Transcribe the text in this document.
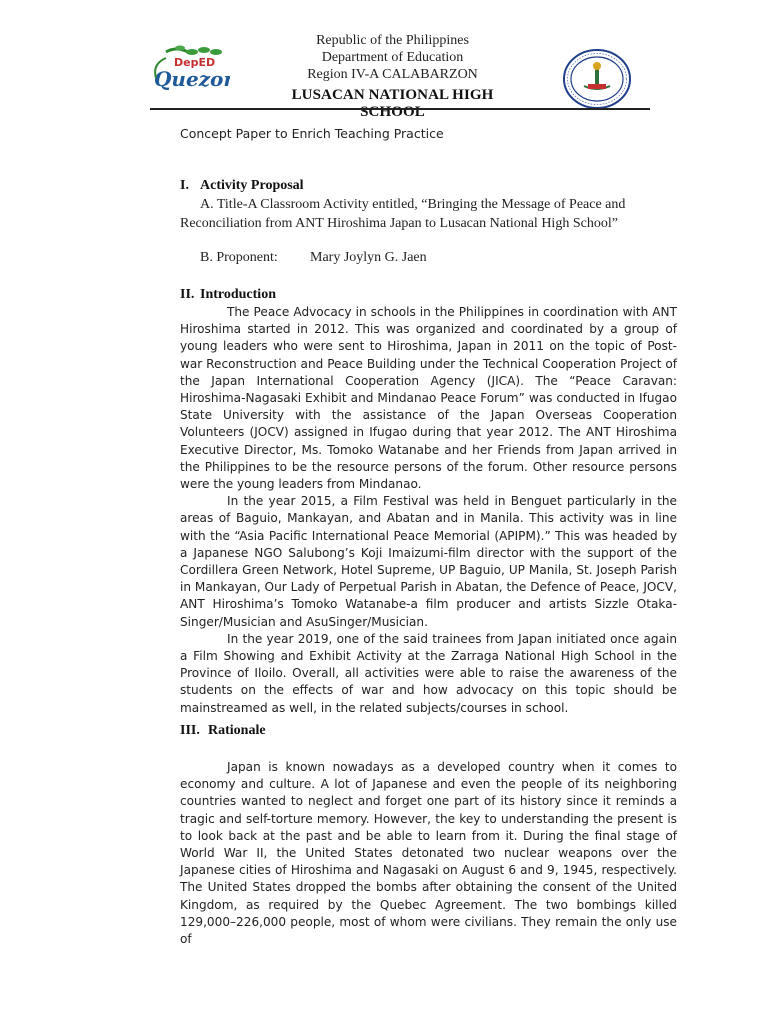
DepED
Quezon
Republic of the Philippines
Department of Education
Region IV-A CALABARZON
LUSACAN NATIONAL HIGH SCHOOL
Concept Paper to Enrich Teaching Practice
I. Activity Proposal
A. Title-A Classroom Activity entitled, “Bringing the Message of Peace and
Reconciliation from ANT Hiroshima Japan to Lusacan National High School”
B. Proponent: Mary Joylyn G. Jaen
II. Introduction

The Peace Advocacy in schools in the Philippines in coordination with ANT Hiroshima started in 2012. This was organized and coordinated by a group of young leaders who were sent to Hiroshima, Japan in 2011 on the topic of Post-war Reconstruction and Peace Building under the Technical Cooperation Project of the Japan International Cooperation Agency (JICA). The “Peace Caravan: Hiroshima-Nagasaki Exhibit and Mindanao Peace Forum” was conducted in Ifugao State University with the assistance of the Japan Overseas Cooperation Volunteers (JOCV) assigned in Ifugao during that year 2012. The ANT Hiroshima Executive Director, Ms. Tomoko Watanabe and her Friends from Japan arrived in the Philippines to be the resource persons of the forum. Other resource persons were the young leaders from Mindanao.

In the year 2015, a Film Festival was held in Benguet particularly in the areas of Baguio, Mankayan, and Abatan and in Manila. This activity was in line with the “Asia Pacific International Peace Memorial (APIPM).” This was headed by a Japanese NGO Salubong’s Koji Imaizumi-film director with the support of the Cordillera Green Network, Hotel Supreme, UP Baguio, UP Manila, St. Joseph Parish in Mankayan, Our Lady of Perpetual Parish in Abatan, the Defence of Peace, JOCV, ANT Hiroshima’s Tomoko Watanabe-a film producer and artists Sizzle Otaka-Singer/Musician and AsuSinger/Musician.

In the year 2019, one of the said trainees from Japan initiated once again a Film Showing and Exhibit Activity at the Zarraga National High School in the Province of Iloilo. Overall, all activities were able to raise the awareness of the students on the effects of war and how advocacy on this topic should be mainstreamed as well, in the related subjects/courses in school.

III. Rationale

Japan is known nowadays as a developed country when it comes to economy and culture. A lot of Japanese and even the people of its neighboring countries wanted to neglect and forget one part of its history since it reminds a tragic and self-torture memory. However, the key to understanding the present is to look back at the past and be able to learn from it. During the final stage of World War II, the United States detonated two nuclear weapons over the Japanese cities of Hiroshima and Nagasaki on August 6 and 9, 1945, respectively. The United States dropped the bombs after obtaining the consent of the United Kingdom, as required by the Quebec Agreement. The two bombings killed 129,000–226,000 people, most of whom were civilians. They remain the only use of
